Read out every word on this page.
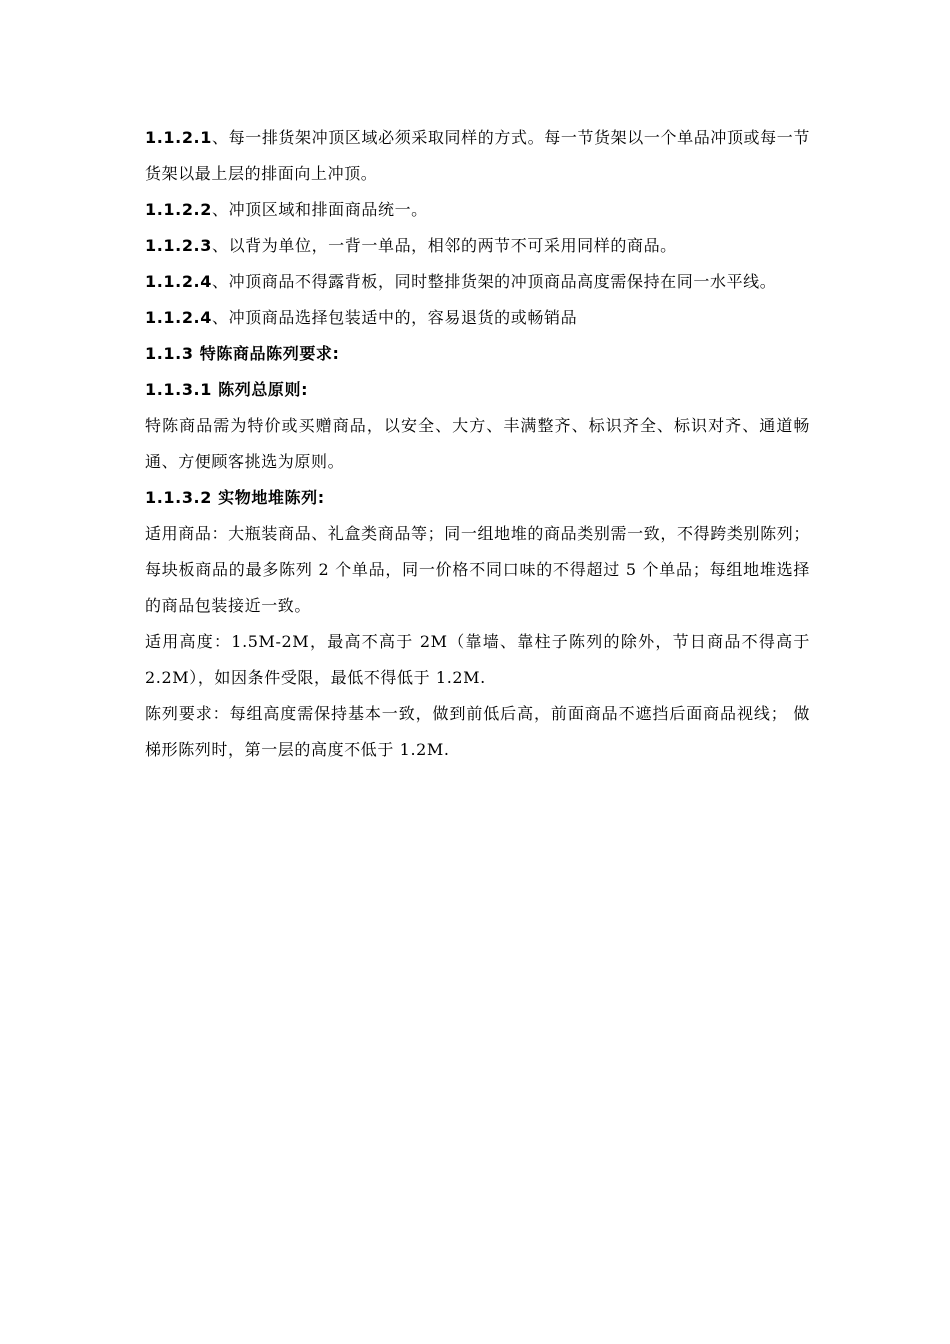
1.1.2.1、每一排货架冲顶区域必须采取同样的方式。每一节货架以一个单品冲顶或每一节货架以最上层的排面向上冲顶。
1.1.2.2、冲顶区域和排面商品统一。
1.1.2.3、以背为单位，一背一单品，相邻的两节不可采用同样的商品。
1.1.2.4、冲顶商品不得露背板，同时整排货架的冲顶商品高度需保持在同一水平线。
1.1.2.4、冲顶商品选择包装适中的，容易退货的或畅销品
1.1.3 特陈商品陈列要求:
1.1.3.1 陈列总原则:
特陈商品需为特价或买赠商品，以安全、大方、丰满整齐、标识齐全、标识对齐、通道畅通、方便顾客挑选为原则。
1.1.3.2 实物地堆陈列:
适用商品：大瓶装商品、礼盒类商品等；同一组地堆的商品类别需一致，不得跨类别陈列；每块板商品的最多陈列 2 个单品，同一价格不同口味的不得超过 5 个单品；每组地堆选择的商品包装接近一致。
适用高度：1.5M-2M，最高不高于 2M（靠墙、靠柱子陈列的除外，节日商品不得高于 2.2M），如因条件受限，最低不得低于 1.2M.
陈列要求：每组高度需保持基本一致，做到前低后高，前面商品不遮挡后面商品视线； 做梯形陈列时，第一层的高度不低于 1.2M.
